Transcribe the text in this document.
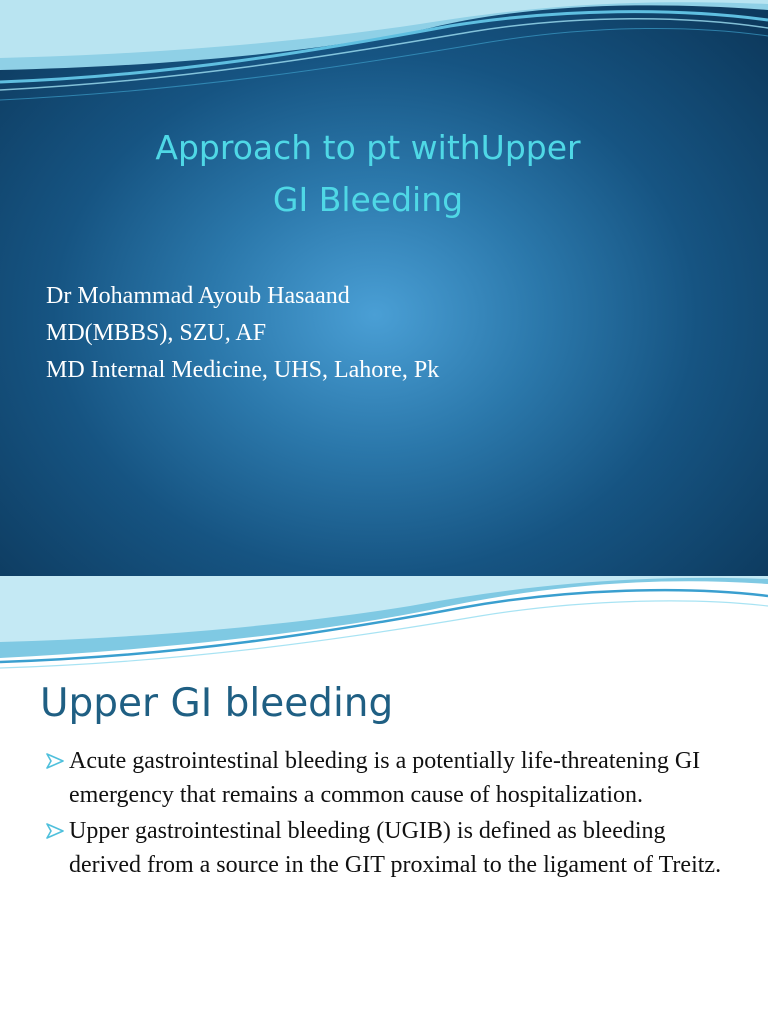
Approach to pt withUpper
GI Bleeding
Dr Mohammad Ayoub Hasaand
MD(MBBS), SZU, AF
MD Internal Medicine, UHS, Lahore, Pk
Upper GI bleeding
Acute gastrointestinal bleeding is a potentially life-threatening GI emergency that remains a common cause of hospitalization.
Upper gastrointestinal bleeding (UGIB) is defined as bleeding derived from a source in the GIT proximal to the ligament of Treitz.
